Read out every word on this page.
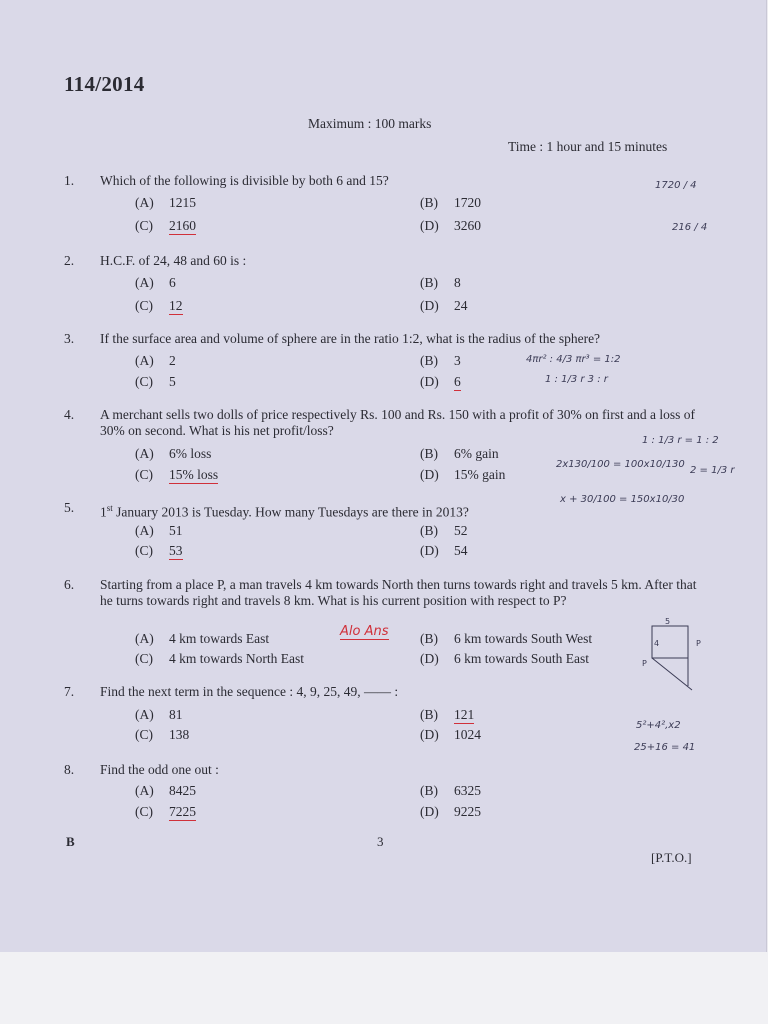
114/2014
Maximum : 100 marks
Time : 1 hour and 15 minutes
1. Which of the following is divisible by both 6 and 15?
(A) 1215	(B) 1720
(C) 2160	(D) 3260
2. H.C.F. of 24, 48 and 60 is :
(A) 6	(B) 8
(C) 12	(D) 24
3. If the surface area and volume of sphere are in the ratio 1:2, what is the radius of the sphere?
(A) 2	(B) 3
(C) 5	(D) 6
4. A merchant sells two dolls of price respectively Rs. 100 and Rs. 150 with a profit of 30% on first and a loss of 30% on second. What is his net profit/loss?
(A) 6% loss	(B) 6% gain
(C) 15% loss	(D) 15% gain
5. 1st January 2013 is Tuesday. How many Tuesdays are there in 2013?
(A) 51	(B) 52
(C) 53	(D) 54
6. Starting from a place P, a man travels 4 km towards North then turns towards right and travels 5 km. After that he turns towards right and travels 8 km. What is his current position with respect to P?
(A) 4 km towards East	(B) 6 km towards South West
(C) 4 km towards North East	(D) 6 km towards South East
7. Find the next term in the sequence : 4, 9, 25, 49, —— :
(A) 81	(B) 121
(C) 138	(D) 1024
8. Find the odd one out :
(A) 8425	(B) 6325
(C) 7225	(D) 9225
1720 / 4
216 / 4
4πr² : 4/3 πr³ = 1:2
1 : 1/3 r 3 : r
1 : 1/3 r = 1 : 2
2 = 1/3 r
2x130/100 = 100x10/130
x + 30/100 = 150x10/30
5²+4²,x2
25+16 = 41
Alo Ans
5
4
P
P
B	3
[P.T.O.]
